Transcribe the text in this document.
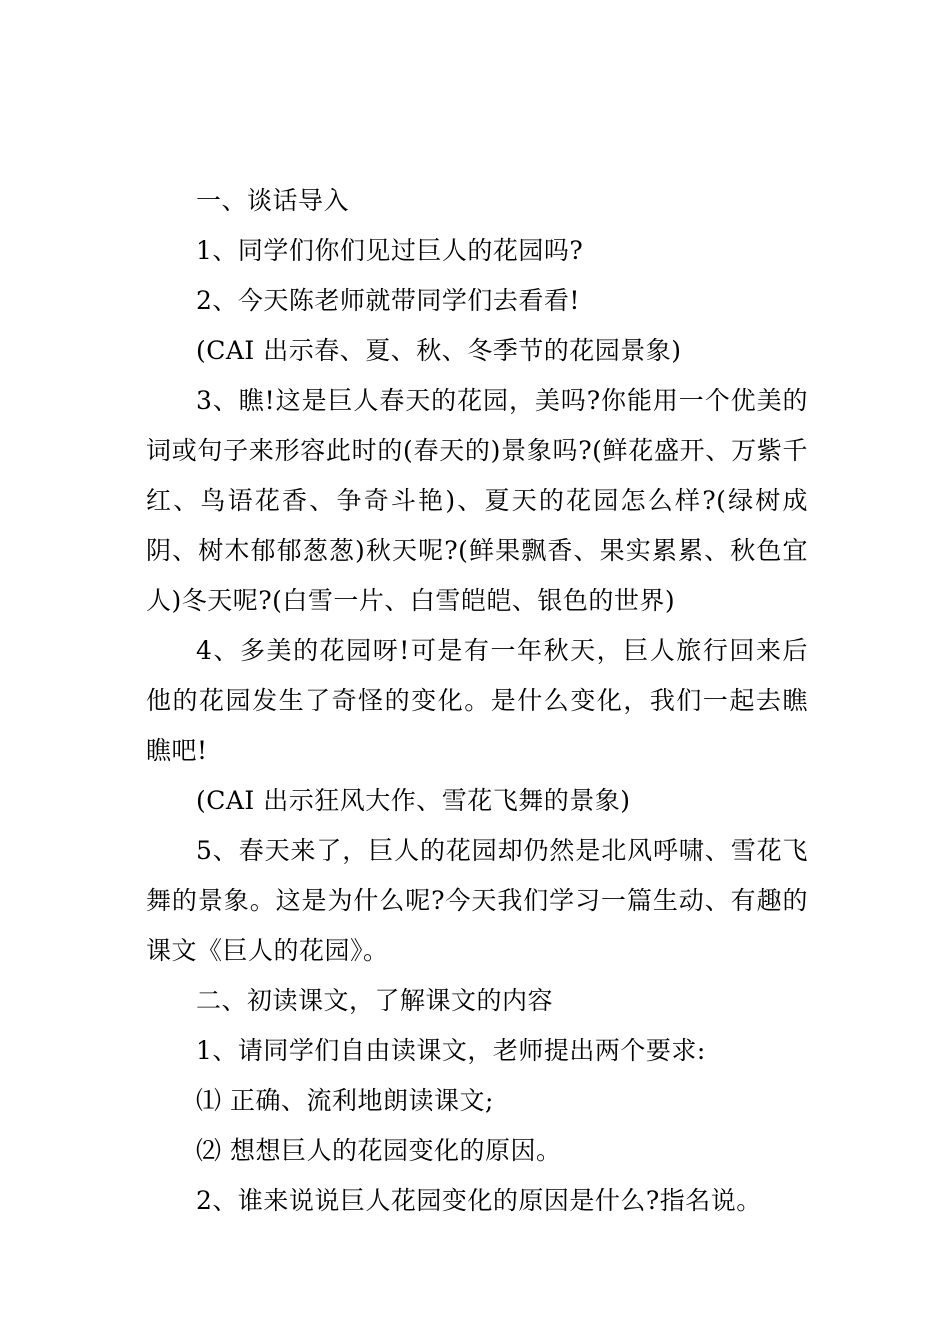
一、谈话导入

1、同学们你们见过巨人的花园吗?

2、今天陈老师就带同学们去看看!

(CAI 出示春、夏、秋、冬季节的花园景象)

3、瞧!这是巨人春天的花园，美吗?你能用一个优美的词或句子来形容此时的(春天的)景象吗?(鲜花盛开、万紫千红、鸟语花香、争奇斗艳)、夏天的花园怎么样?(绿树成阴、树木郁郁葱葱)秋天呢?(鲜果飘香、果实累累、秋色宜人)冬天呢?(白雪一片、白雪皑皑、银色的世界)

4、多美的花园呀!可是有一年秋天，巨人旅行回来后他的花园发生了奇怪的变化。是什么变化，我们一起去瞧瞧吧!

(CAI 出示狂风大作、雪花飞舞的景象)

5、春天来了，巨人的花园却仍然是北风呼啸、雪花飞舞的景象。这是为什么呢?今天我们学习一篇生动、有趣的课文《巨人的花园》。

二、初读课文，了解课文的内容

1、请同学们自由读课文，老师提出两个要求:

⑴ 正确、流利地朗读课文;

⑵ 想想巨人的花园变化的原因。

2、谁来说说巨人花园变化的原因是什么?指名说。
